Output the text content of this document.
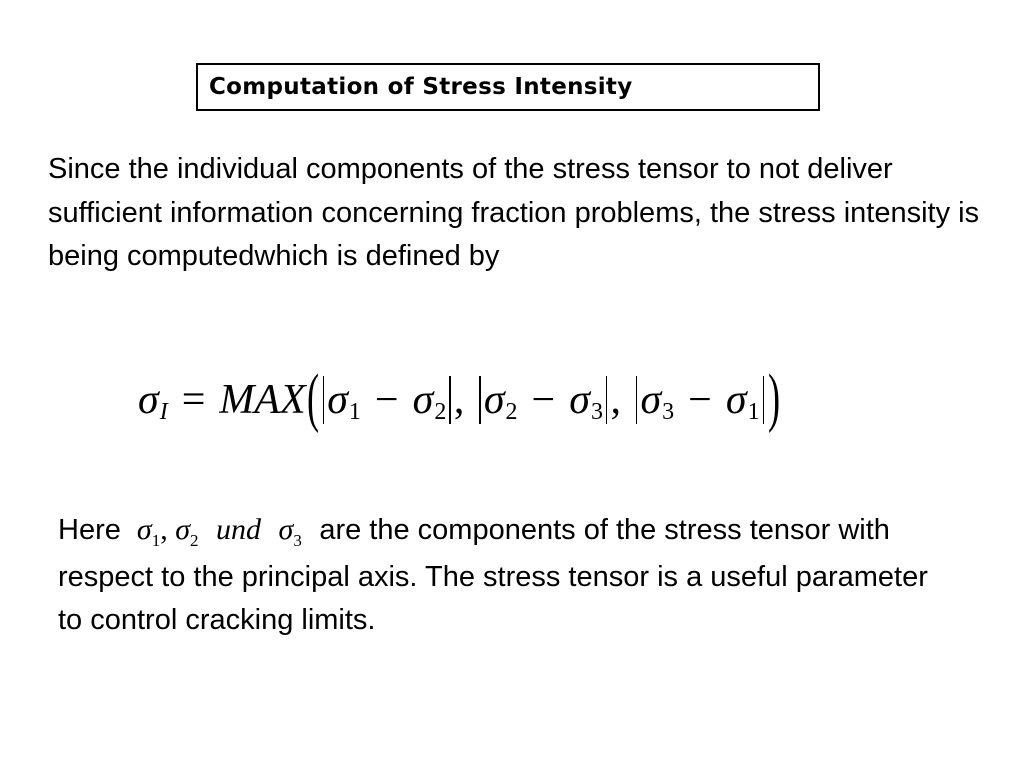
Computation of Stress Intensity
Since the individual components of the stress tensor to not deliver sufficient information concerning fraction problems, the stress intensity is being computedwhich is defined by
σ I = MAX ( σ 1 − σ 2 , σ 2 − σ 3 , σ 3 − σ 1 )
Here $\sigma_1$, $\sigma_2$ und $\sigma_3$ are the components of the stress tensor with respect to the principal axis. The stress tensor is a useful parameter to control cracking limits.
